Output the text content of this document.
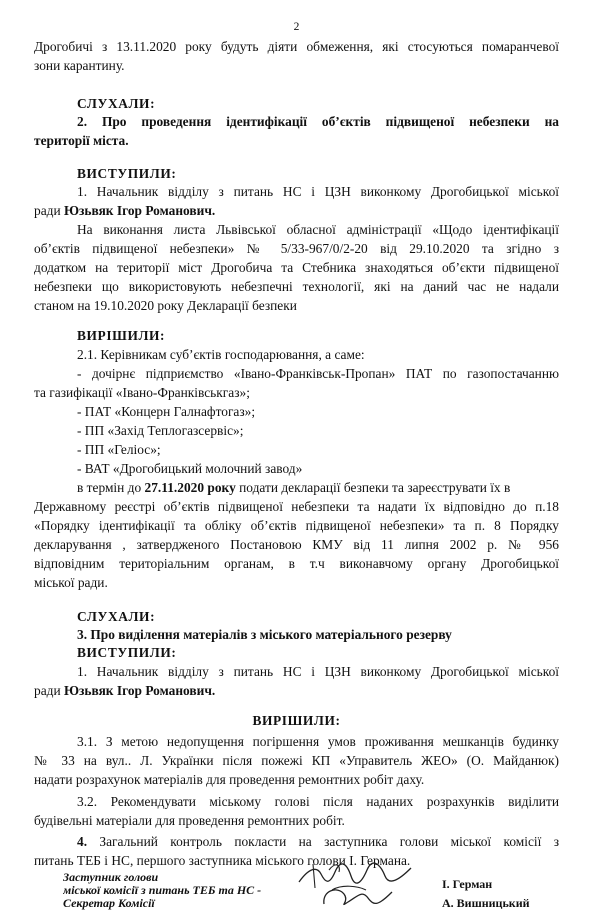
2
Дрогобичі з 13.11.2020 року будуть діяти обмеження, які стосуються помаранчевої
зони карантину.
СЛУХАЛИ:
2. Про проведення ідентифікації об’єктів підвищеної небезпеки на
території міста.
ВИСТУПИЛИ:
1. Начальник відділу з питань НС і ЦЗН виконкому Дрогобицької міської
ради Юзьвяк Ігор Романович.
На виконання листа Львівської обласної адміністрації «Щодо ідентифікації
об’єктів підвищеної небезпеки» № 5/33-967/0/2-20 від 29.10.2020 та згідно з
додатком на території міст Дрогобича та Стебника знаходяться об’єкти підвищеної
небезпеки що використовують небезпечні технології, які на даний час не надали
станом на 19.10.2020 року Декларації безпеки
ВИРІШИЛИ:
2.1. Керівникам суб’єктів господарювання, а саме:
- дочірнє підприємство «Івано-Франківськ-Пропан» ПАТ по газопостачанню
та газифікації «Івано-Франківськгаз»;
- ПАТ «Концерн Галнафтогаз»;
- ПП «Захід Теплогазсервіс»;
- ПП «Геліос»;
- ВАТ «Дрогобицький молочний завод»
в термін до 27.11.2020 року подати декларації безпеки та зареєструвати їх в
Державному реєстрі об’єктів підвищеної небезпеки та надати їх відповідно до п.18
«Порядку ідентифікації та обліку об’єктів підвищеної небезпеки» та п. 8 Порядку
декларування , затвердженого Постановою КМУ від 11 липня 2002 р. № 956
відповідним територіальним органам, в т.ч виконавчому органу Дрогобицької
міської ради.
СЛУХАЛИ:
3. Про виділення матеріалів з міського матеріального резерву
ВИСТУПИЛИ:
1. Начальник відділу з питань НС і ЦЗН виконкому Дрогобицької міської
ради Юзьвяк Ігор Романович.
ВИРІШИЛИ:
3.1. З метою недопущення погіршення умов проживання мешканців будинку
№ 33 на вул.. Л. Українки після пожежі КП «Управитель ЖЕО» (О. Майданюк)
надати розрахунок матеріалів для проведення ремонтних робіт даху.
3.2. Рекомендувати міському голові після наданих розрахунків виділити
будівельні матеріали для проведення ремонтних робіт.
4. Загальний контроль покласти на заступника голови міської комісії з
питань ТЕБ і НС, першого заступника міського голови І. Германа.
Заступник голови
міської комісії з питань ТЕБ та НС -	І. Герман
Секретар Комісії	А. Вишницький
